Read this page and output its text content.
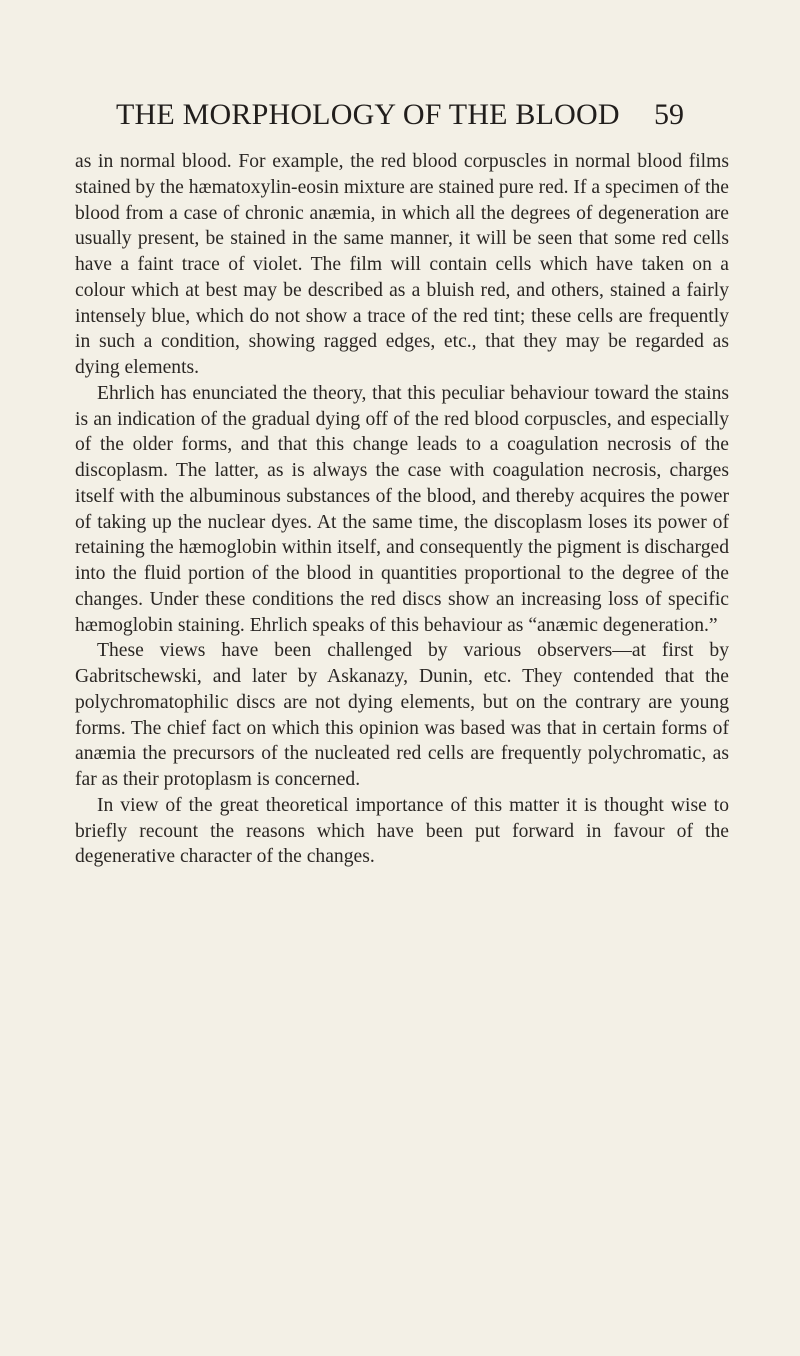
THE MORPHOLOGY OF THE BLOOD 59

as in normal blood. For example, the red blood corpuscles in normal blood films stained by the hæmatoxylin-eosin mixture are stained pure red. If a specimen of the blood from a case of chronic anæmia, in which all the degrees of degeneration are usually present, be stained in the same manner, it will be seen that some red cells have a faint trace of violet. The film will contain cells which have taken on a colour which at best may be described as a bluish red, and others, stained a fairly intensely blue, which do not show a trace of the red tint; these cells are frequently in such a condition, showing ragged edges, etc., that they may be regarded as dying elements.

Ehrlich has enunciated the theory, that this peculiar behaviour toward the stains is an indication of the gradual dying off of the red blood corpuscles, and especially of the older forms, and that this change leads to a coagulation necrosis of the discoplasm. The latter, as is always the case with coagulation necrosis, charges itself with the albuminous substances of the blood, and thereby acquires the power of taking up the nuclear dyes. At the same time, the discoplasm loses its power of retaining the hæmoglobin within itself, and consequently the pigment is discharged into the fluid portion of the blood in quantities proportional to the degree of the changes. Under these conditions the red discs show an increasing loss of specific hæmoglobin staining. Ehrlich speaks of this behaviour as “anæmic degeneration.”

These views have been challenged by various observers—at first by Gabritschewski, and later by Askanazy, Dunin, etc. They contended that the polychromatophilic discs are not dying elements, but on the contrary are young forms. The chief fact on which this opinion was based was that in certain forms of anæmia the precursors of the nucleated red cells are frequently polychromatic, as far as their protoplasm is concerned.

In view of the great theoretical importance of this matter it is thought wise to briefly recount the reasons which have been put forward in favour of the degenerative character of the changes.
